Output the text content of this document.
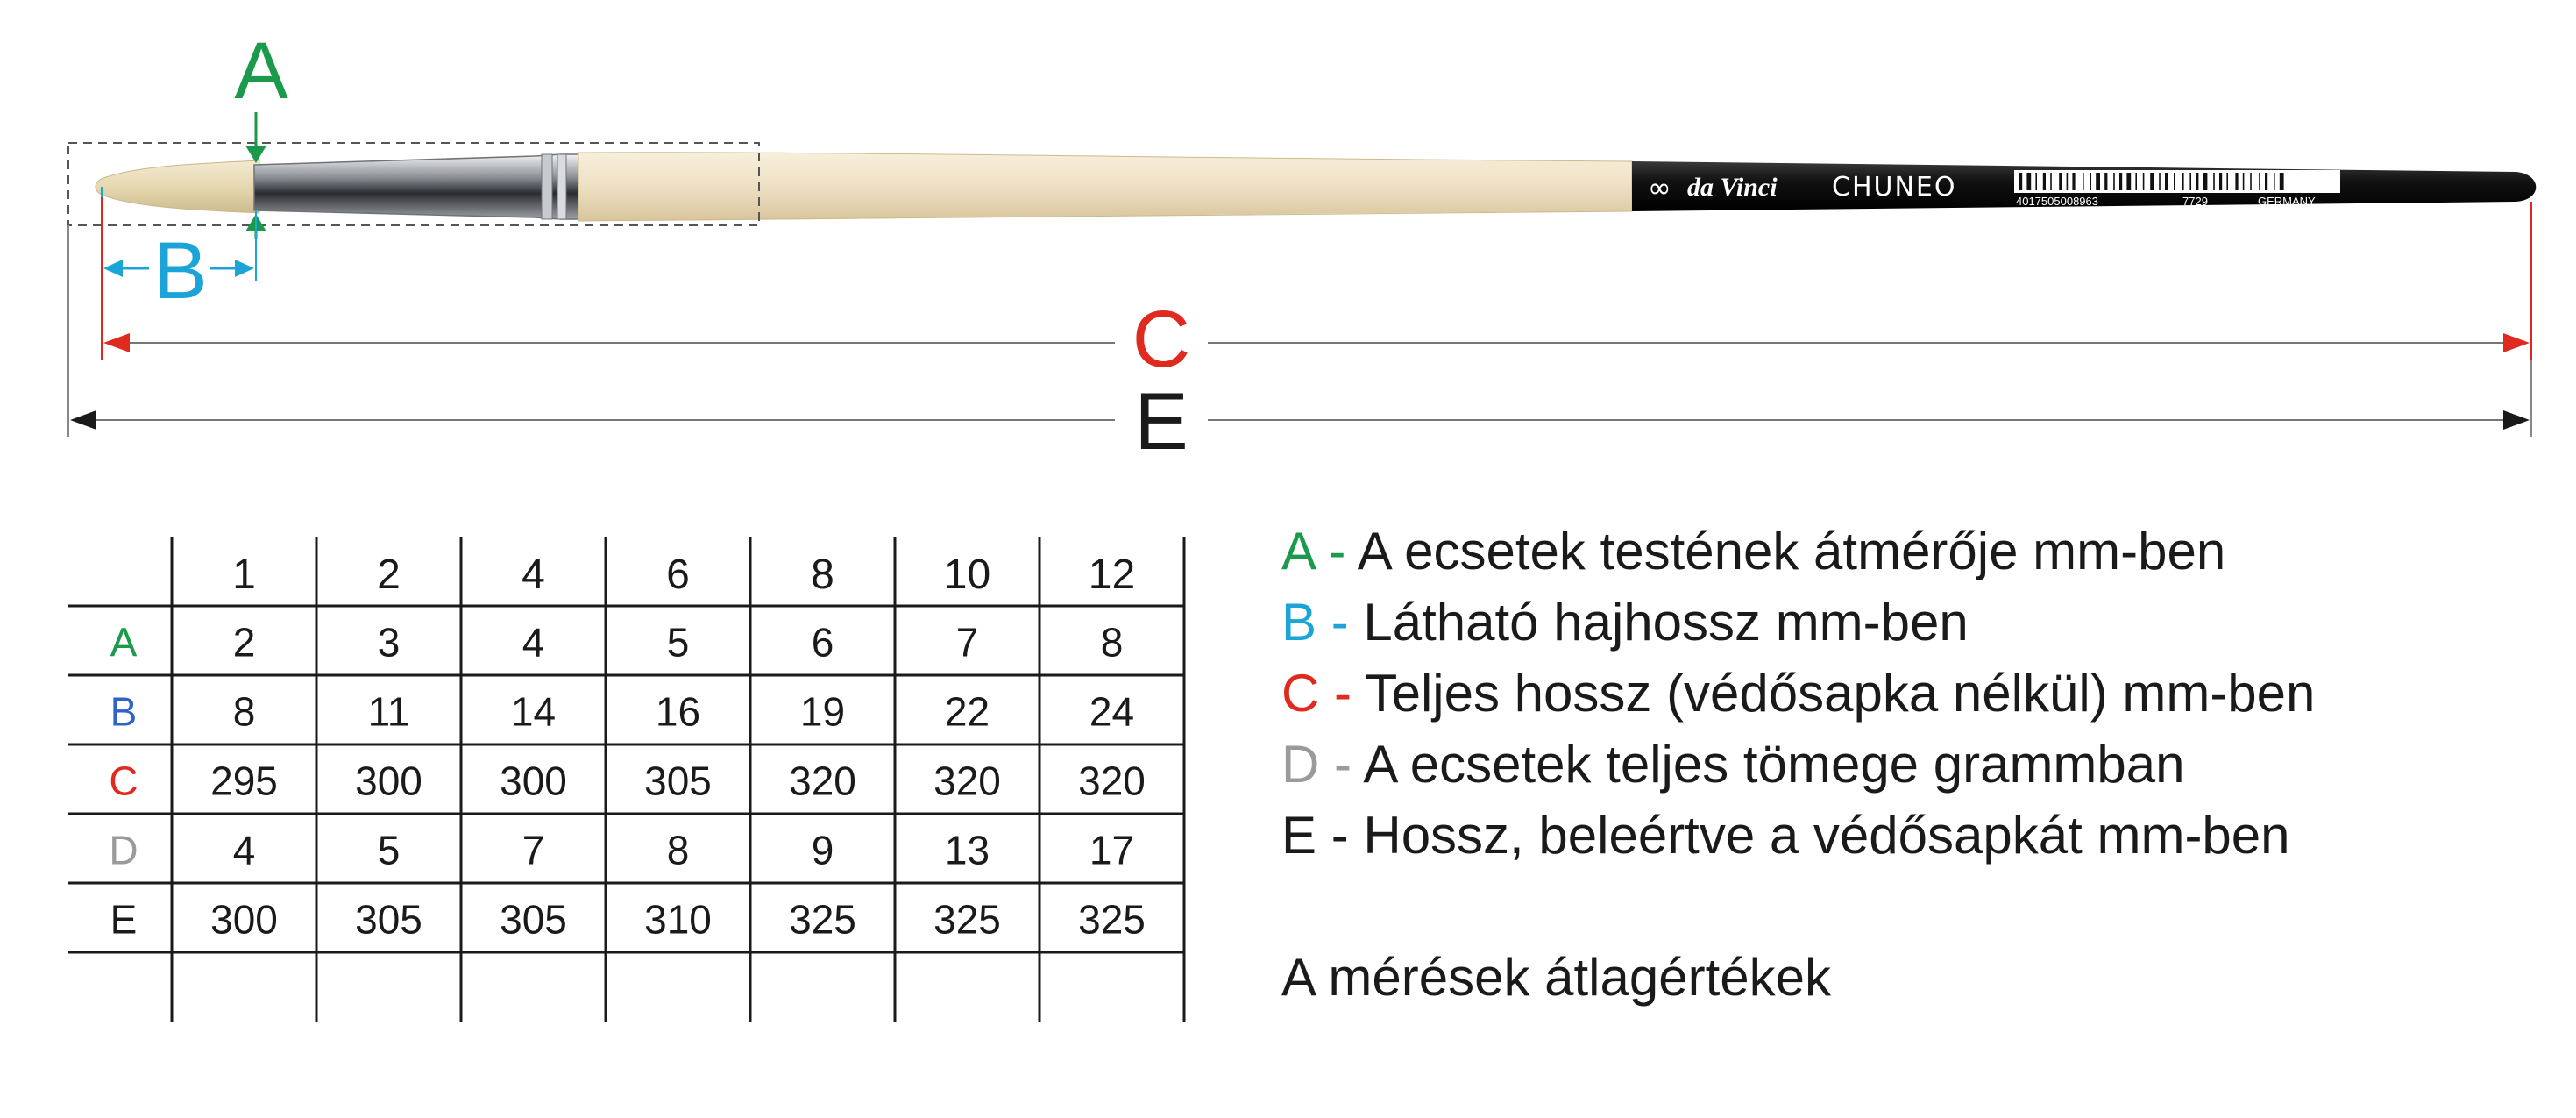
∞ da Vinci CHUNEO	4017505008963	7729	GERMANY
A
B
C
E
1	2	4	6	8	10 12
A 2	3	4	5	6	7	8
B 8	11	14 16 19 22 24
C 295 300 300 305 320 320 320
D 4	5	7	8	9	13 17
E 300 305 305 310 325 325 325
A - A ecsetek testének átmérője mm-ben
B - Látható hajhossz mm-ben
C - Teljes hossz (védősapka nélkül) mm-ben
D - A ecsetek teljes tömege grammban
E - Hossz, beleértve a védősapkát mm-ben
A mérések átlagértékek
